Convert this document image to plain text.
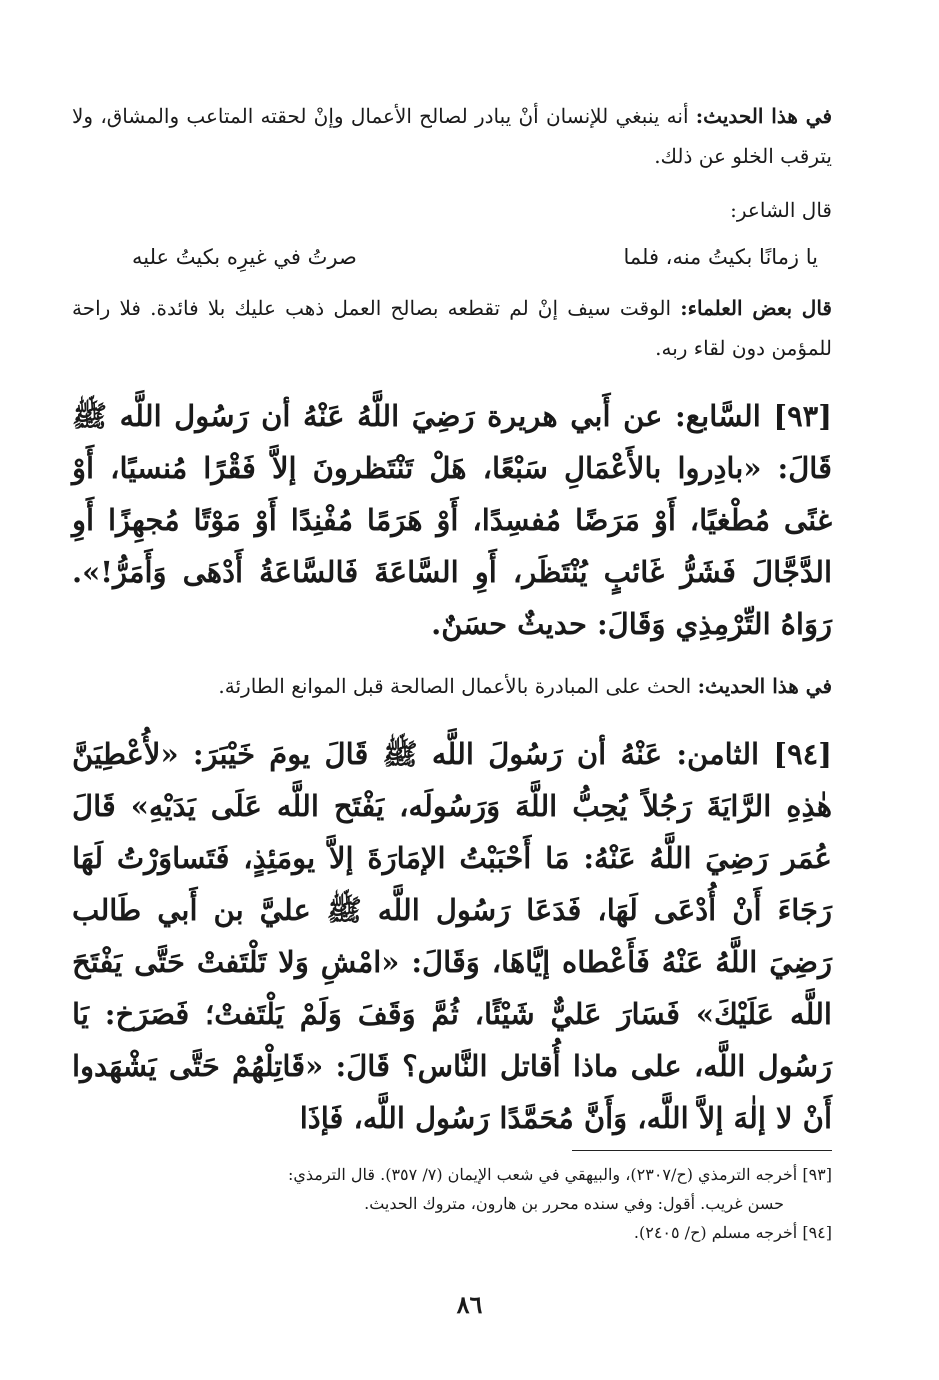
في هذا الحديث: أنه ينبغي للإنسان أنْ يبادر لصالح الأعمال وإنْ لحقته المتاعب والمشاق، ولا يترقب الخلو عن ذلك.

قال الشاعر:

يا زمانًا بكيتُ منه، فلما
صرتُ في غيرِه بكيتُ عليه

قال بعض العلماء: الوقت سيف إنْ لم تقطعه بصالح العمل ذهب عليك بلا فائدة. فلا راحة للمؤمن دون لقاء ربه.

[٩٣] السَّابع: عن أَبي هريرة رَضِيَ اللَّهُ عَنْهُ أن رَسُول اللَّه ﷺ قَالَ: «بادِروا بالأَعْمَالِ سَبْعًا، هَلْ تَنْتَظرونَ إلاَّ فَقْرًا مُنسيًا، أَوْ غنًى مُطْغيًا، أَوْ مَرَضًا مُفسِدًا، أَوْ هَرَمًا مُفْنِدًا أَوْ مَوْتًا مُجهِزًا أَوِ الدَّجَّالَ فَشَرُّ غَائبٍ يُنْتَظَر، أَوِ السَّاعَةَ فَالسَّاعَةُ أَدْهَى وَأَمَرُّ!». رَوَاهُ التِّرْمِذِي وَقَالَ: حديثٌ حسَنٌ.

في هذا الحديث: الحث على المبادرة بالأعمال الصالحة قبل الموانع الطارئة.

[٩٤] الثامن: عَنْهُ أن رَسُولَ اللَّه ﷺ قَالَ يومَ خَيْبَرَ: «لأُعْطِيَنَّ هٰذِهِ الرَّايَةَ رَجُلاً يُحِبُّ اللَّهَ وَرَسُولَه، يَفْتَح اللَّه عَلَى يَدَيْهِ» قَالَ عُمَر رَضِيَ اللَّهُ عَنْهُ: مَا أَحْبَبْتُ الإمَارَةَ إلاَّ يومَئِذٍ، فَتَساوَرْتُ لَهَا رَجَاءَ أَنْ أُدْعَى لَهَا، فَدَعَا رَسُول اللَّه ﷺ عليَّ بن أَبي طَالب رَضِيَ اللَّهُ عَنْهُ فَأَعْطاه إيَّاهَا، وَقَالَ: «امْشِ وَلا تَلْتَفتْ حَتَّى يَفْتَحَ اللَّه عَلَيْكَ» فَسَارَ عَليٌّ شَيْئًا، ثُمَّ وَقَفَ وَلَمْ يَلْتَفتْ؛ فَصَرَخ: يَا رَسُول اللَّه، على ماذا أُقاتل النَّاس؟ قَالَ: «قَاتِلْهُمْ حَتَّى يَشْهَدوا أَنْ لا إلٰهَ إلاَّ اللَّه، وَأَنَّ مُحَمَّدًا رَسُول اللَّه، فَإذَا

[٩٣] أخرجه الترمذي (ح/٢٣٠٧)، والبيهقي في شعب الإيمان (٧/ ٣٥٧). قال الترمذي:

حسن غريب. أقول: وفي سنده محرر بن هارون، متروك الحديث.

[٩٤] أخرجه مسلم (ح/ ٢٤٠٥).

٨٦
